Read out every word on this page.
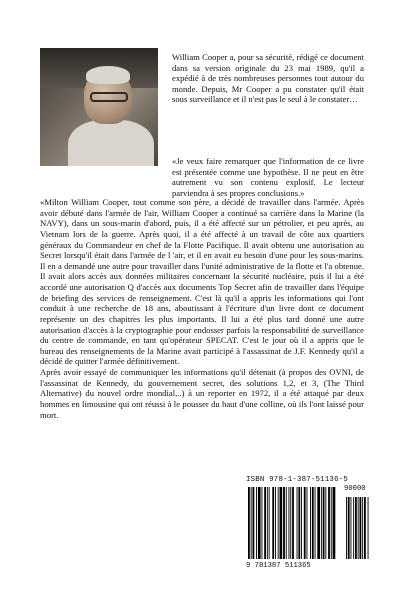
William Cooper a, pour sa sécurité, rédigé ce document dans sa version originale du 23 mai 1989, qu'il a expédié à de très nombreuses personnes tout autour du monde. Depuis, Mr Cooper a pu constater qu'il était sous surveillance et il n'est pas le seul à le constater…

«Je veux faire remarquer que l'information de ce livre est présentée comme une hypothèse. Il ne peut en être autrement vu son contenu explosif. Le lecteur parviendra à ses propres conclusions.»

«Milton William Cooper, tout comme son père, a décidé de travailler dans l'armée. Après avoir débuté dans l'armée de l'air, William Cooper a continué sa carrière dans la Marine (la NAVY), dans un sous-marin d'abord, puis, il a été affecté sur un pétrolier, et peu après, au Vietnam lors de la guerre. Après quoi, il a été affecté à un travail de côte aux quartiers généraux du Commandeur en chef de la Flotte Pacifique. Il avait obtenu une autorisation au Secret lorsqu'il était dans l'armée de l 'air, et il en avait eu besoin d'une pour les sous-marins. Il en a demandé une autre pour travailler dans l'unité administrative de la flotte et l'a obtenue. Il avait alors accès aux données militaires concernant la sécurité nucléaire, puis il lui a été accordé une autorisation Q d'accès aux documents Top Secret afin de travailler dans l'équipe de briefing des services de renseignement. C'est là qu'il a appris les informations qui l'ont conduit à une recherche de 18 ans, aboutissant à l'écriture d'un livre dont ce document représente un des chapitres les plus importants. Il lui a été plus tard donné une autre autorisation d'accès à la cryptographie pour endosser parfois la responsabilité de surveillance du centre de commande, en tant qu'opérateur SPECAT. C'est le jour où il a appris que le bureau des renseignements de la Marine avait participé à l'assassinat de J.F. Kennedy qu'il a décidé de quitter l'armée définitivement.

Après avoir essayé de communiquer les informations qu'il détenait (à propos des OVNI, de l'assassinat de Kennedy, du gouvernement secret, des solutions 1,2, et 3, (The Third Alternative) du nouvel ordre mondial,..) à un reporter en 1972, il a été attaqué par deux hommes en limousine qui ont réussi à le pousser du haut d'une colline, où ils l'ont laissé pour mort.

ISBN 978-1-387-51136-5
90000
9 781387 511365
